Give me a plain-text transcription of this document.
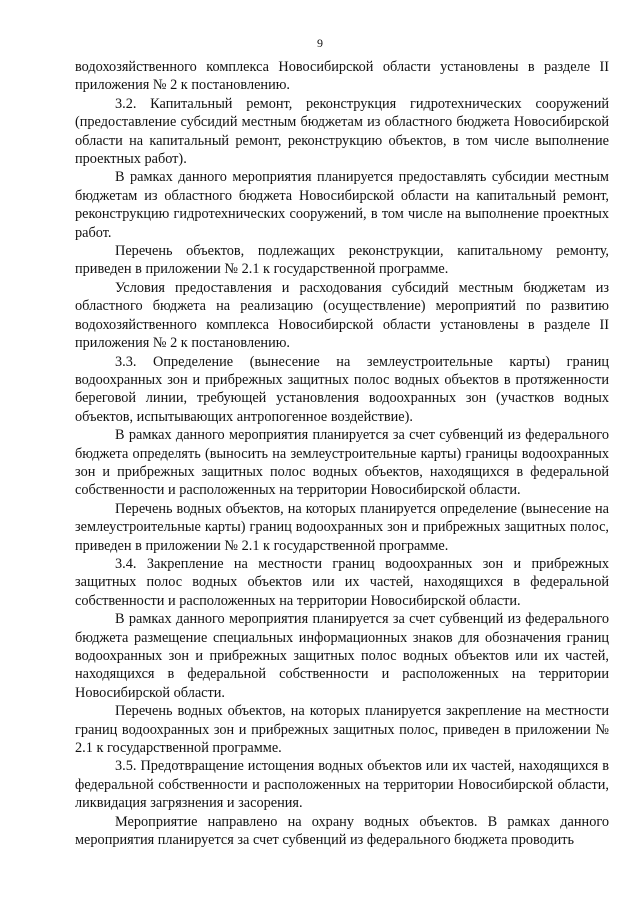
9

водохозяйственного комплекса Новосибирской области установлены в разделе II приложения № 2 к постановлению.

3.2. Капитальный ремонт, реконструкция гидротехнических сооружений (предоставление субсидий местным бюджетам из областного бюджета Новосибирской области на капитальный ремонт, реконструкцию объектов, в том числе выполнение проектных работ).

В рамках данного мероприятия планируется предоставлять субсидии местным бюджетам из областного бюджета Новосибирской области на капитальный ремонт, реконструкцию гидротехнических сооружений, в том числе на выполнение проектных работ.

Перечень объектов, подлежащих реконструкции, капитальному ремонту, приведен в приложении № 2.1 к государственной программе.

Условия предоставления и расходования субсидий местным бюджетам из областного бюджета на реализацию (осуществление) мероприятий по развитию водохозяйственного комплекса Новосибирской области установлены в разделе II приложения № 2 к постановлению.

3.3. Определение (вынесение на землеустроительные карты) границ водоохранных зон и прибрежных защитных полос водных объектов в протяженности береговой линии, требующей установления водоохранных зон (участков водных объектов, испытывающих антропогенное воздействие).

В рамках данного мероприятия планируется за счет субвенций из федерального бюджета определять (выносить на землеустроительные карты) границы водоохранных зон и прибрежных защитных полос водных объектов, находящихся в федеральной собственности и расположенных на территории Новосибирской области.

Перечень водных объектов, на которых планируется определение (вынесение на землеустроительные карты) границ водоохранных зон и прибрежных защитных полос, приведен в приложении № 2.1 к государственной программе.

3.4. Закрепление на местности границ водоохранных зон и прибрежных защитных полос водных объектов или их частей, находящихся в федеральной собственности и расположенных на территории Новосибирской области.

В рамках данного мероприятия планируется за счет субвенций из федерального бюджета размещение специальных информационных знаков для обозначения границ водоохранных зон и прибрежных защитных полос водных объектов или их частей, находящихся в федеральной собственности и расположенных на территории Новосибирской области.

Перечень водных объектов, на которых планируется закрепление на местности границ водоохранных зон и прибрежных защитных полос, приведен в приложении № 2.1 к государственной программе.

3.5. Предотвращение истощения водных объектов или их частей, находящихся в федеральной собственности и расположенных на территории Новосибирской области, ликвидация загрязнения и засорения.

Мероприятие направлено на охрану водных объектов. В рамках данного мероприятия планируется за счет субвенций из федерального бюджета проводить
